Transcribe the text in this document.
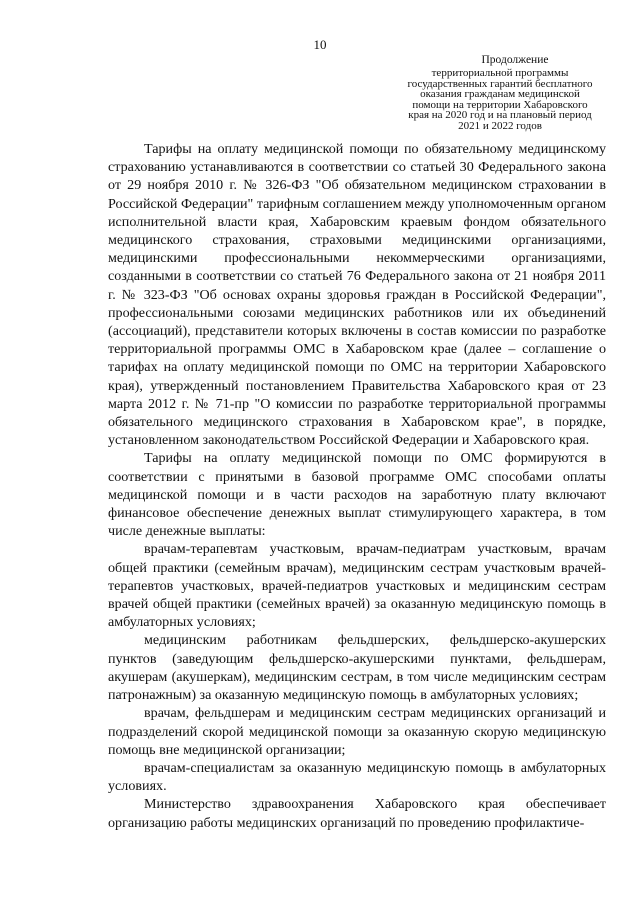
10
Продолжение
территориальной программы
государственных гарантий бесплатного
оказания гражданам медицинской
помощи на территории Хабаровского
края на 2020 год и на плановый период
2021 и 2022 годов

Тарифы на оплату медицинской помощи по обязательному медицинскому страхованию устанавливаются в соответствии со статьей 30 Федерального закона от 29 ноября 2010 г. № 326-ФЗ "Об обязательном медицинском страховании в Российской Федерации" тарифным соглашением между уполномоченным органом исполнительной власти края, Хабаровским краевым фондом обязательного медицинского страхования, страховыми медицинскими организациями, медицинскими профессиональными некоммерческими организациями, созданными в соответствии со статьей 76 Федерального закона от 21 ноября 2011 г. № 323-ФЗ "Об основах охраны здоровья граждан в Российской Федерации", профессиональными союзами медицинских работников или их объединений (ассоциаций), представители которых включены в состав комиссии по разработке территориальной программы ОМС в Хабаровском крае (далее – соглашение о тарифах на оплату медицинской помощи по ОМС на территории Хабаровского края), утвержденный постановлением Правительства Хабаровского края от 23 марта 2012 г. № 71-пр "О комиссии по разработке территориальной программы обязательного медицинского страхования в Хабаровском крае", в порядке, установленном законодательством Российской Федерации и Хабаровского края.

Тарифы на оплату медицинской помощи по ОМС формируются в соответствии с принятыми в базовой программе ОМС способами оплаты медицинской помощи и в части расходов на заработную плату включают финансовое обеспечение денежных выплат стимулирующего характера, в том числе денежные выплаты:

врачам-терапевтам участковым, врачам-педиатрам участковым, врачам общей практики (семейным врачам), медицинским сестрам участковым врачей-терапевтов участковых, врачей-педиатров участковых и медицинским сестрам врачей общей практики (семейных врачей) за оказанную медицинскую помощь в амбулаторных условиях;

медицинским работникам фельдшерских, фельдшерско-акушерских пунктов (заведующим фельдшерско-акушерскими пунктами, фельдшерам, акушерам (акушеркам), медицинским сестрам, в том числе медицинским сестрам патронажным) за оказанную медицинскую помощь в амбулаторных условиях;

врачам, фельдшерам и медицинским сестрам медицинских организаций и подразделений скорой медицинской помощи за оказанную скорую медицинскую помощь вне медицинской организации;

врачам-специалистам за оказанную медицинскую помощь в амбулаторных условиях.

Министерство здравоохранения Хабаровского края обеспечивает организацию работы медицинских организаций по проведению профилактиче-
